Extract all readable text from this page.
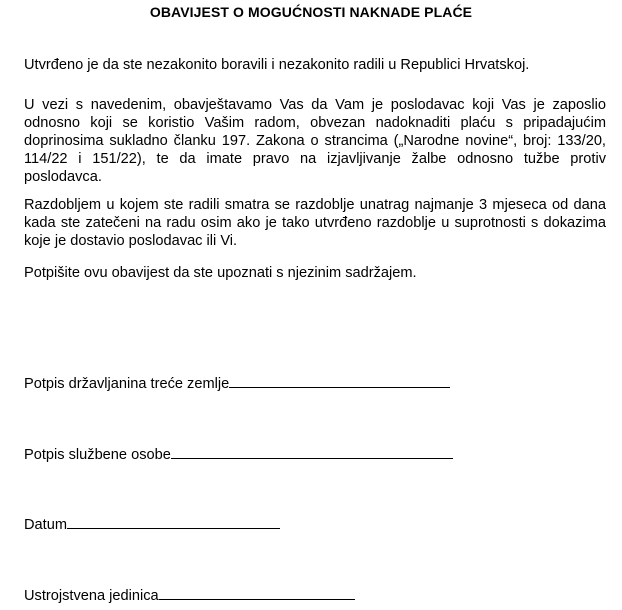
OBAVIJEST O MOGUĆNOSTI NAKNADE PLAĆE

Utvrđeno je da ste nezakonito boravili i nezakonito radili u Republici Hrvatskoj.

U vezi s navedenim, obavještavamo Vas da Vam je poslodavac koji Vas je zaposlio odnosno koji se koristio Vašim radom, obvezan nadoknaditi plaću s pripadajućim doprinosima sukladno članku 197. Zakona o strancima („Narodne novine“, broj: 133/20, 114/22 i 151/22), te da imate pravo na izjavljivanje žalbe odnosno tužbe protiv poslodavca.

Razdobljem u kojem ste radili smatra se razdoblje unatrag najmanje 3 mjeseca od dana kada ste zatečeni na radu osim ako je tako utvrđeno razdoblje u suprotnosti s dokazima koje je dostavio poslodavac ili Vi.

Potpišite ovu obavijest da ste upoznati s njezinim sadržajem.

Potpis državljanina treće zemlje
Potpis službene osobe
Datum
Ustrojstvena jedinica
